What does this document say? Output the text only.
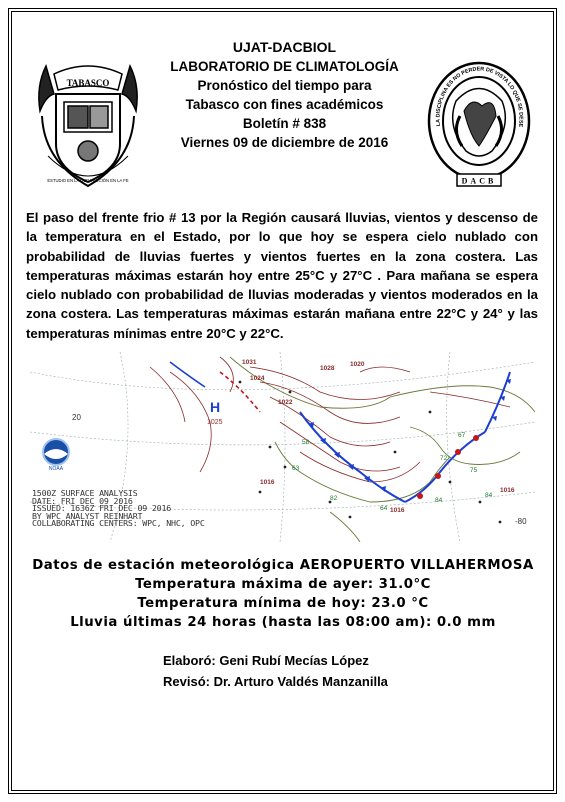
TABASCO
ESTUDIO EN LA DUDA ACCIÓN EN LA FE
UJAT-DACBIOL
LABORATORIO DE CLIMATOLOGÍA
Pronóstico del tiempo para
Tabasco con fines académicos
Boletín # 838
Viernes 09 de diciembre de 2016
LA DISCIPLINA ES NO PERDER DE VISTA LO QUE SE DESE
DACB
El paso del frente frio # 13 por la Región causará lluvias, vientos y descenso de la temperatura en el Estado, por lo que hoy se espera cielo nublado con probabilidad de lluvias fuertes y vientos fuertes en la zona costera. Las temperaturas máximas estarán hoy entre 25°C y 27°C . Para mañana se espera cielo nublado con probabilidad de lluvias moderadas y vientos moderados en la zona costera. Las temperaturas máximas estarán mañana entre 22°C y 24° y las temperaturas mínimas entre 20°C y 22°C.
H
1025
20
-80
1031
1028
1024
1022
1016
1020
1016
1016
67
75
84
72
84
82
64
63
58
NOAA
1500Z SURFACE ANALYSIS
DATE: FRI DEC 09 2016
ISSUED: 1636Z FRI DEC 09 2016
BY WPC ANALYST REINHART
COLLABORATING CENTERS: WPC, NHC, OPC
Datos de estación meteorológica AEROPUERTO VILLAHERMOSA
Temperatura máxima de ayer: 31.0°C
Temperatura mínima de hoy: 23.0 °C
Lluvia últimas 24 horas (hasta las 08:00 am): 0.0 mm
Elaboró: Geni Rubí Mecías López
Revisó: Dr. Arturo Valdés Manzanilla
